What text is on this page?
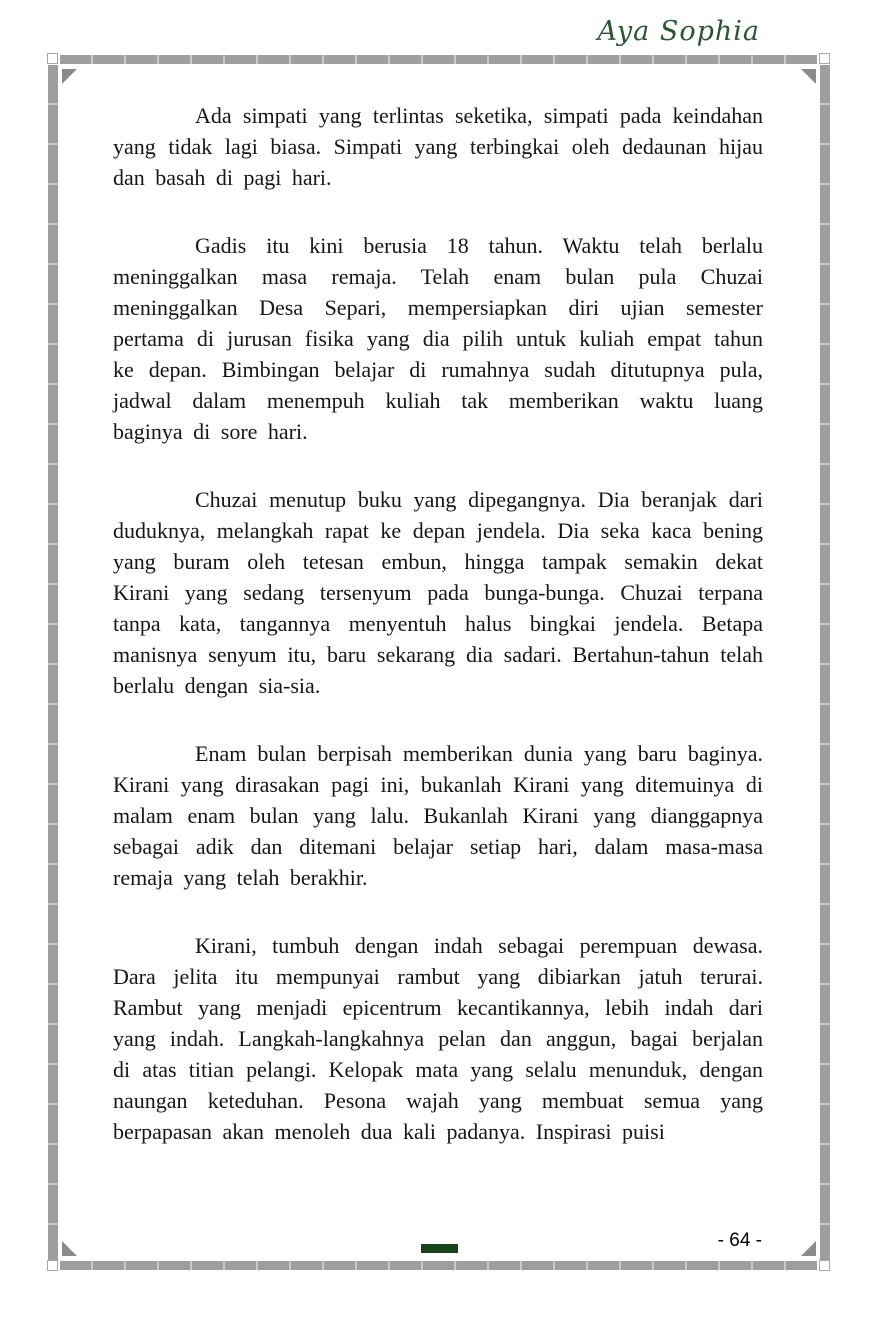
Aya Sophia

Ada simpati yang terlintas seketika, simpati pada keindahan yang tidak lagi biasa. Simpati yang terbingkai oleh dedaunan hijau dan basah di pagi hari.

Gadis itu kini berusia 18 tahun. Waktu telah berlalu meninggalkan masa remaja. Telah enam bulan pula Chuzai meninggalkan Desa Separi, mempersiapkan diri ujian semester pertama di jurusan fisika yang dia pilih untuk kuliah empat tahun ke depan. Bimbingan belajar di rumahnya sudah ditutupnya pula, jadwal dalam menempuh kuliah tak memberikan waktu luang baginya di sore hari.

Chuzai menutup buku yang dipegangnya. Dia beranjak dari duduknya, melangkah rapat ke depan jendela. Dia seka kaca bening yang buram oleh tetesan embun, hingga tampak semakin dekat Kirani yang sedang tersenyum pada bunga-bunga. Chuzai terpana tanpa kata, tangannya menyentuh halus bingkai jendela. Betapa manisnya senyum itu, baru sekarang dia sadari. Bertahun-tahun telah berlalu dengan sia-sia.

Enam bulan berpisah memberikan dunia yang baru baginya. Kirani yang dirasakan pagi ini, bukanlah Kirani yang ditemuinya di malam enam bulan yang lalu. Bukanlah Kirani yang dianggapnya sebagai adik dan ditemani belajar setiap hari, dalam masa-masa remaja yang telah berakhir.

Kirani, tumbuh dengan indah sebagai perempuan dewasa. Dara jelita itu mempunyai rambut yang dibiarkan jatuh terurai. Rambut yang menjadi epicentrum kecantikannya, lebih indah dari yang indah. Langkah-langkahnya pelan dan anggun, bagai berjalan di atas titian pelangi. Kelopak mata yang selalu menunduk, dengan naungan keteduhan. Pesona wajah yang membuat semua yang berpapasan akan menoleh dua kali padanya. Inspirasi puisi

- 64 -
